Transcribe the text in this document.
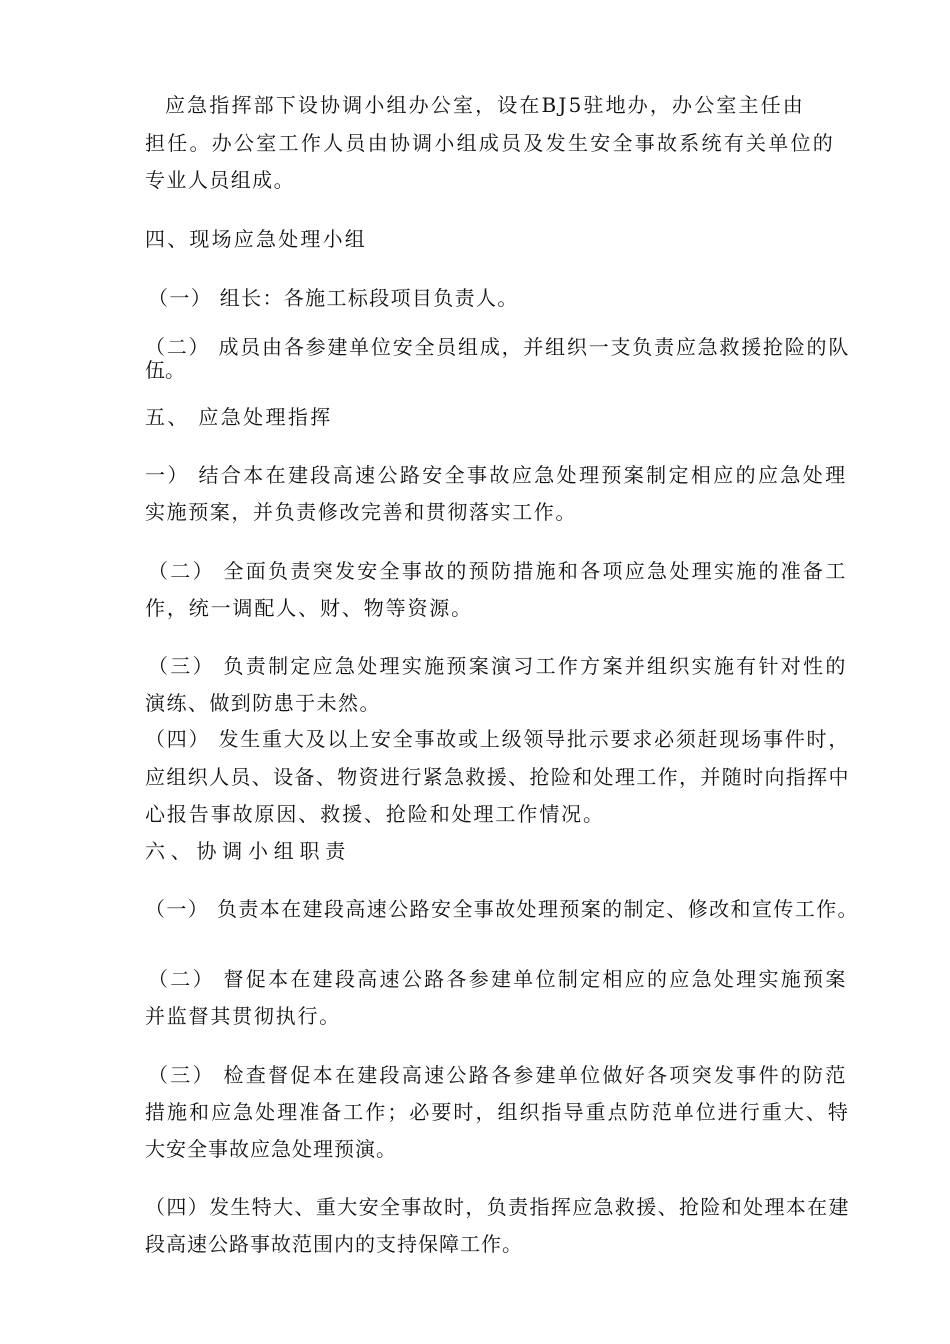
应急指挥部下设协调小组办公室，设在BJ5驻地办，办公室主任由

担任。办公室工作人员由协调小组成员及发生安全事故系统有关单位的

专业人员组成。

四、现场应急处理小组

（一） 组长：各施工标段项目负责人。

（二） 成员由各参建单位安全员组成，并组织一支负责应急救援抢险的队

伍。

五、 应急处理指挥

一） 结合本在建段高速公路安全事故应急处理预案制定相应的应急处理

实施预案，并负责修改完善和贯彻落实工作。

（二） 全面负责突发安全事故的预防措施和各项应急处理实施的准备工

作，统一调配人、财、物等资源。

（三） 负责制定应急处理实施预案演习工作方案并组织实施有针对性的

演练、做到防患于未然。

（四） 发生重大及以上安全事故或上级领导批示要求必须赶现场事件时，

应组织人员、设备、物资进行紧急救援、抢险和处理工作，并随时向指挥中

心报告事故原因、救援、抢险和处理工作情况。

六、协调小组职责

（一） 负责本在建段高速公路安全事故处理预案的制定、修改和宣传工作。

（二） 督促本在建段高速公路各参建单位制定相应的应急处理实施预案

并监督其贯彻执行。

（三） 检查督促本在建段高速公路各参建单位做好各项突发事件的防范

措施和应急处理准备工作；必要时，组织指导重点防范单位进行重大、特

大安全事故应急处理预演。

（四）发生特大、重大安全事故时，负责指挥应急救援、抢险和处理本在建

段高速公路事故范围内的支持保障工作。
